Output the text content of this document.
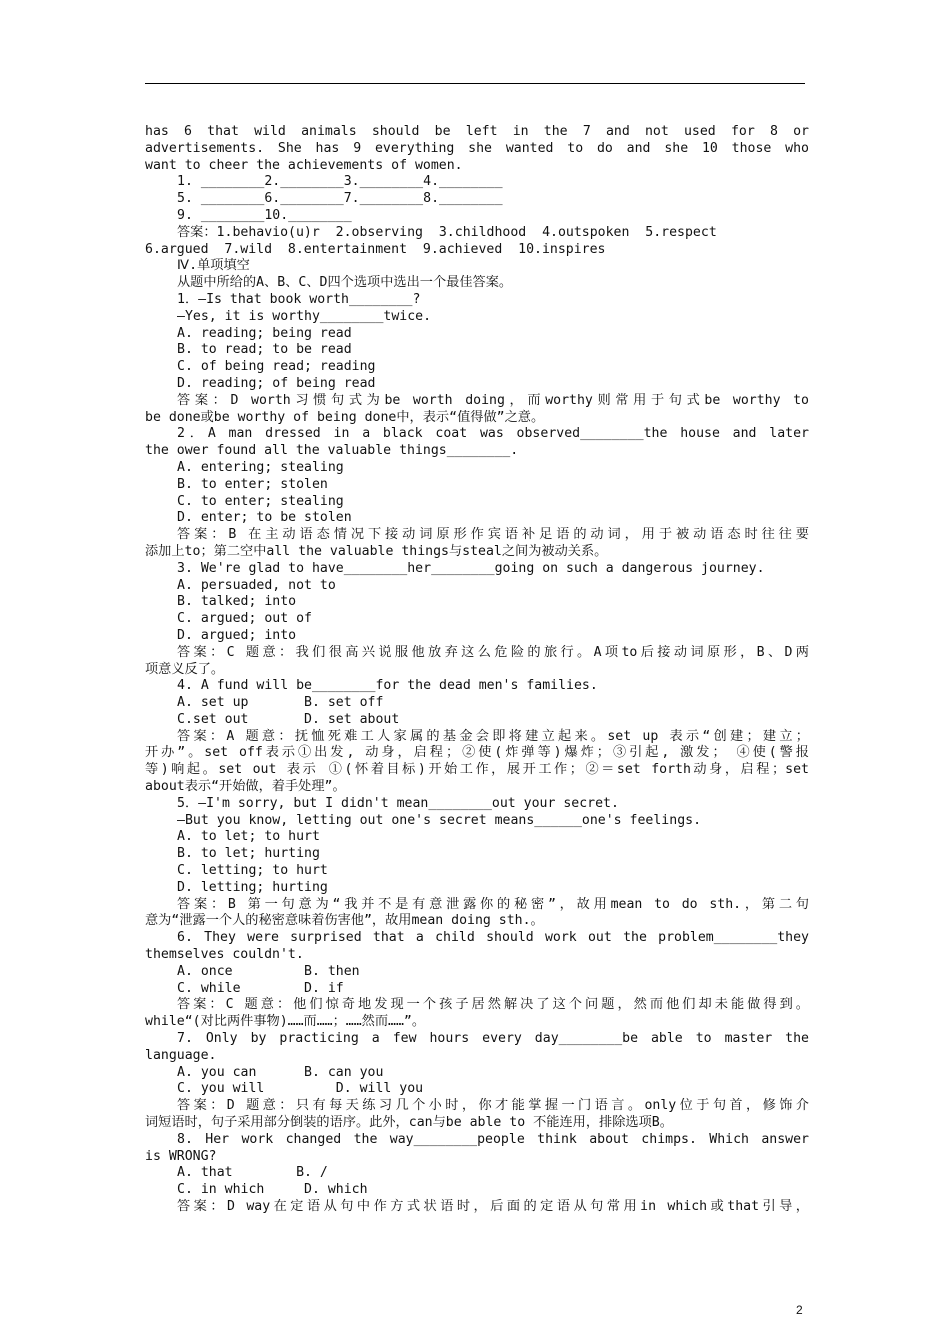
has 6 that wild animals should be left in the 7 and not used for 8 or
advertisements. She has 9 everything she wanted to do and she 10 those who
want to cheer the achievements of women.
1. ________2.________3.________4.________
5. ________6.________7.________8.________
9. ________10.________
答案：1.behavio(u)r  2.observing  3.childhood  4.outspoken  5.respect
6.argued  7.wild  8.entertainment  9.achieved  10.inspires
Ⅳ.单项填空
从题中所给的A、B、C、D四个选项中选出一个最佳答案。
1．—Is that book worth________?
—Yes, it is worthy________twice.
A. reading; being read
B. to read; to be read
C. of being read; reading
D. reading; of being read
答案：D worth习惯句式为be worth doing，而worthy则常用于句式be worthy to
be done或be worthy of being done中，表示“值得做”之意。
2．A man dressed in a black coat was observed________the house and later
the ower found all the valuable things________.
A. entering; stealing
B. to enter; stolen
C. to enter; stealing
D. enter; to be stolen
答案：B 在主动语态情况下接动词原形作宾语补足语的动词，用于被动语态时往往要
添加上to；第二空中all the valuable things与steal之间为被动关系。
3. We're glad to have________her________going on such a dangerous journey.
A. persuaded, not to
B. talked; into
C. argued; out of
D. argued; into
答案：C 题意：我们很高兴说服他放弃这么危险的旅行。A项to后接动词原形，B、D两
项意义反了。
4. A fund will be________for the dead men's families.
A. set up       B. set off
C.set out       D. set about
答案：A 题意：抚恤死难工人家属的基金会即将建立起来。set up 表示“创建；建立；
开办”。set off表示①出发, 动身，启程；②使(炸弹等)爆炸；③引起, 激发； ④使(警报
等)响起。set out 表示 ①(怀着目标)开始工作，展开工作；②＝set forth动身，启程；set
about表示“开始做，着手处理”。
5．—I'm sorry, but I didn't mean________out your secret.
—But you know, letting out one's secret means______one's feelings.
A. to let; to hurt
B. to let; hurting
C. letting; to hurt
D. letting; hurting
答案：B 第一句意为“我并不是有意泄露你的秘密”，故用mean to do sth.，第二句
意为“泄露一个人的秘密意味着伤害他”，故用mean doing sth.。
6. They were surprised that a child should work out the problem________they
themselves couldn't.
A. once         B. then
C. while        D. if
答案：C 题意：他们惊奇地发现一个孩子居然解决了这个问题，然而他们却未能做得到。
while“(对比两件事物)……而……；……然而……”。
7. Only by practicing a few hours every day________be able to master the
language.
A. you can      B. can you
C. you will         D. will you
答案：D 题意：只有每天练习几个小时，你才能掌握一门语言。only位于句首，修饰介
词短语时，句子采用部分倒装的语序。此外，can与be able to 不能连用，排除选项B。
8. Her work changed the way________people think about chimps. Which answer
is WRONG?
A. that        B. /
C. in which     D. which
答案：D way在定语从句中作方式状语时，后面的定语从句常用in which或that引导，
2
